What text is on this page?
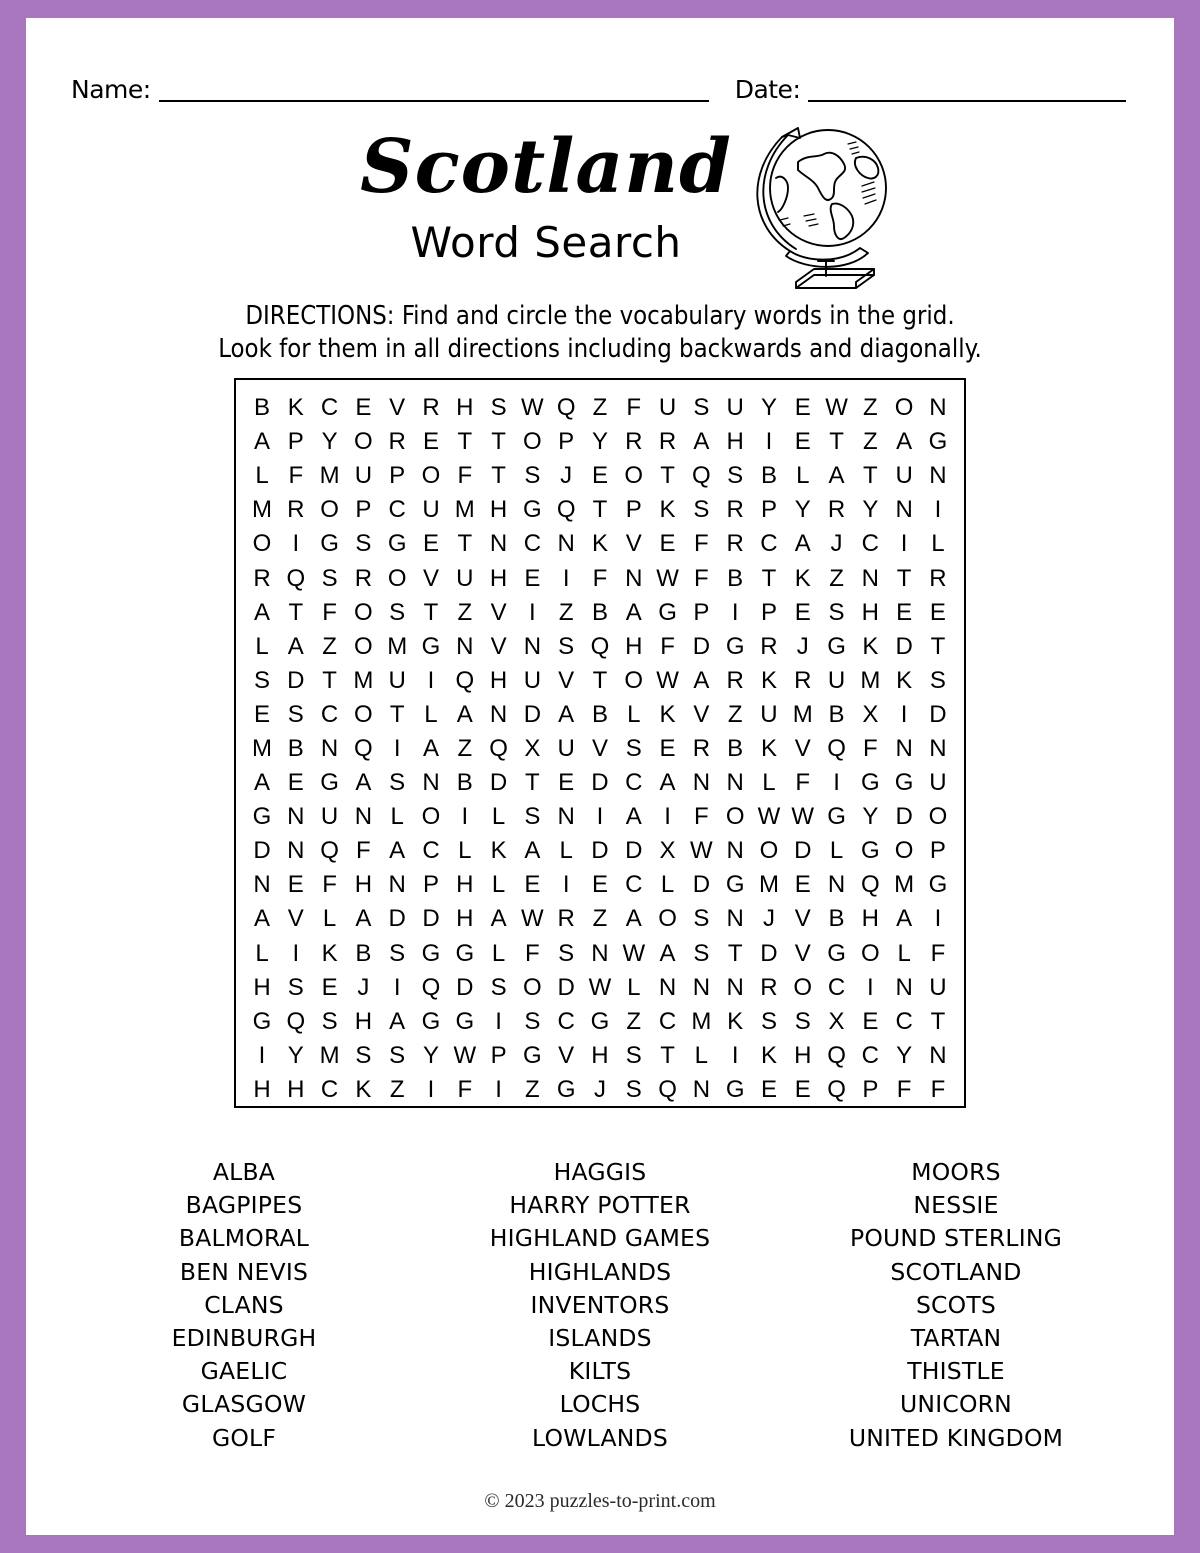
Name:	Date:
Scotland
Word Search
DIRECTIONS: Find and circle the vocabulary words in the grid.
Look for them in all directions including backwards and diagonally.
B K C E V R H S W Q Z F U S U Y E W Z O N
A P Y O R E T T O P Y R R A H I E T Z A G
L F M U P O F T S J E O T Q S B L A T U N
M R O P C U M H G Q T P K S R P Y R Y N I
O I G S G E T N C N K V E F R C A J C I L
R Q S R O V U H E I F N W F B T K Z N T R
A T F O S T Z V I Z B A G P I P E S H E E
L A Z O M G N V N S Q H F D G R J G K D T
S D T M U I Q H U V T O W A R K R U M K S
E S C O T L A N D A B L K V Z U M B X I D
M B N Q I A Z Q X U V S E R B K V Q F N N
A E G A S N B D T E D C A N N L F I G G U
G N U N L O I L S N I A I F O W W G Y D O
D N Q F A C L K A L D D X W N O D L G O P
N E F H N P H L E I E C L D G M E N Q M G
A V L A D D H A W R Z A O S N J V B H A I
L I K B S G G L F S N W A S T D V G O L F
H S E J	I Q D S O D W L N N N R O C I N U
G Q S H A G G I S C G Z C M K S S X E C T
I Y M S S Y W P G V H S T L I K H Q C Y N
H H C K Z I F I Z G J S Q N G E E Q P F F
ALBA
BAGPIPES
BALMORAL
BEN NEVIS
CLANS
EDINBURGH
GAELIC
GLASGOW
GOLF
HAGGIS
HARRY POTTER
HIGHLAND GAMES
HIGHLANDS
INVENTORS
ISLANDS
KILTS
LOCHS
LOWLANDS
MOORS
NESSIE
POUND STERLING
SCOTLAND
SCOTS
TARTAN
THISTLE
UNICORN
UNITED KINGDOM
© 2023 puzzles-to-print.com
